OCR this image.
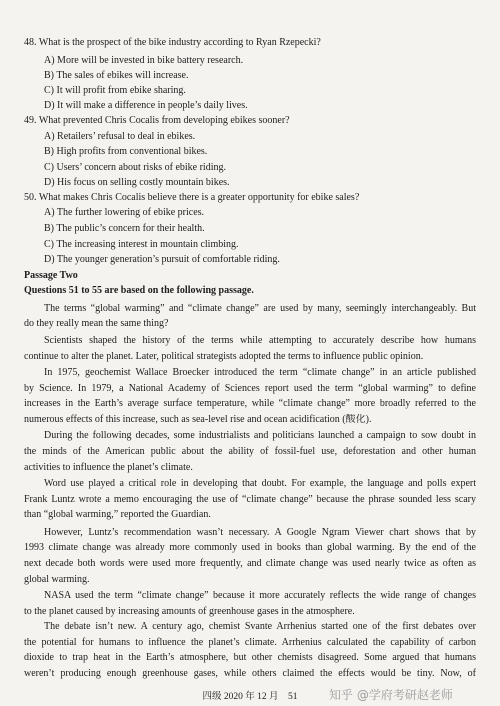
48. What is the prospect of the bike industry according to Ryan Rzepecki?
A) More will be invested in bike battery research.
B) The sales of ebikes will increase.
C) It will profit from ebike sharing.
D) It will make a difference in people’s daily lives.
49. What prevented Chris Cocalis from developing ebikes sooner?
A) Retailers’ refusal to deal in ebikes.
B) High profits from conventional bikes.
C) Users’ concern about risks of ebike riding.
D) His focus on selling costly mountain bikes.
50. What makes Chris Cocalis believe there is a greater opportunity for ebike sales?
A) The further lowering of ebike prices.
B) The public’s concern for their health.
C) The increasing interest in mountain climbing.
D) The younger generation’s pursuit of comfortable riding.
Passage Two
Questions 51 to 55 are based on the following passage.
The terms “global warming” and “climate change” are used by many, seemingly interchangeably. But
do they really mean the same thing?
Scientists shaped the history of the terms while attempting to accurately describe how humans
continue to alter the planet. Later, political strategists adopted the terms to influence public opinion.
In 1975, geochemist Wallace Broecker introduced the term “climate change” in an article published
by Science. In 1979, a National Academy of Sciences report used the term “global warming” to define
increases in the Earth’s average surface temperature, while “climate change” more broadly referred to the
numerous effects of this increase, such as sea-level rise and ocean acidification (酸化).
During the following decades, some industrialists and politicians launched a campaign to sow doubt in
the minds of the American public about the ability of fossil-fuel use, deforestation and other human
activities to influence the planet’s climate.
Word use played a critical role in developing that doubt. For example, the language and polls expert
Frank Luntz wrote a memo encouraging the use of “climate change” because the phrase sounded less scary
than “global warming,” reported the Guardian.
However, Luntz’s recommendation wasn’t necessary. A Google Ngram Viewer chart shows that by
1993 climate change was already more commonly used in books than global warming. By the end of the
next decade both words were used more frequently, and climate change was used nearly twice as often as
global warming.
NASA used the term “climate change” because it more accurately reflects the wide range of changes
to the planet caused by increasing amounts of greenhouse gases in the atmosphere.
The debate isn’t new. A century ago, chemist Svante Arrhenius started one of the first debates over
the potential for humans to influence the planet’s climate. Arrhenius calculated the capability of carbon
dioxide to trap heat in the Earth’s atmosphere, but other chemists disagreed. Some argued that humans
weren’t producing enough greenhouse gases, while others claimed the effects would be tiny. Now, of
四级 2020 年 12 月　51	知乎 @学府考研赵老师
